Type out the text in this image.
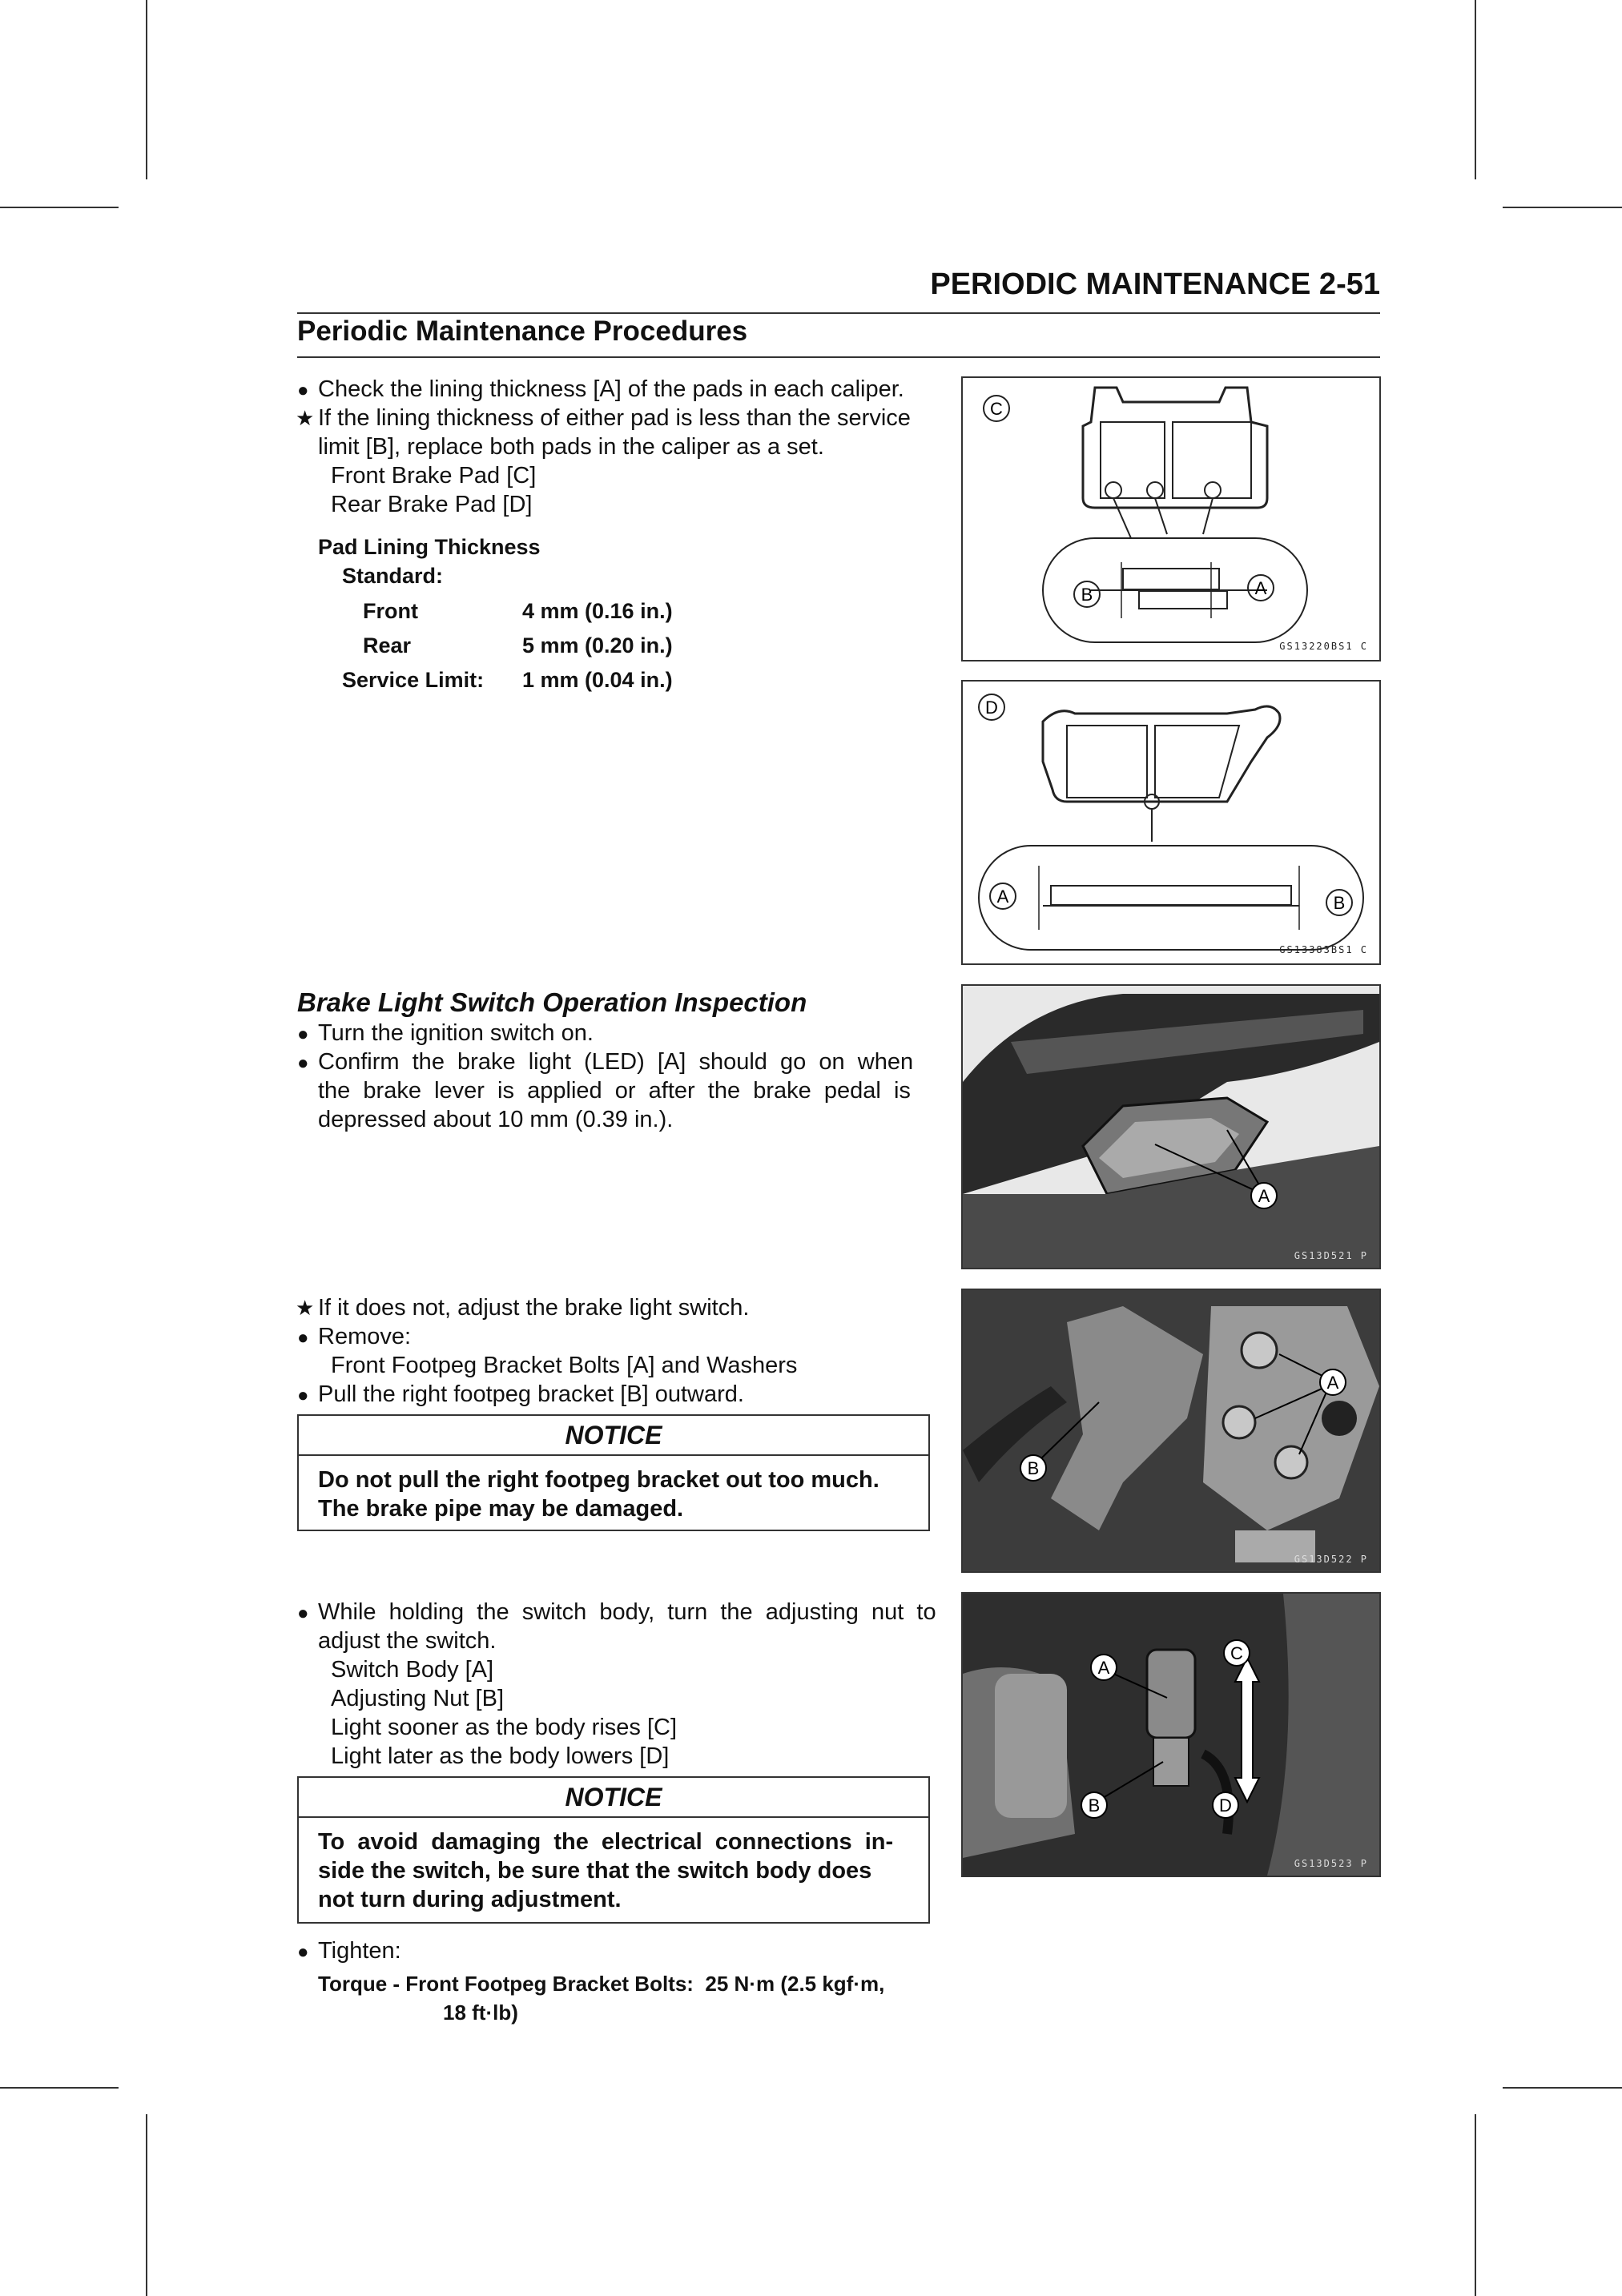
PERIODIC MAINTENANCE 2-51
Periodic Maintenance Procedures
● Check the lining thickness [A] of the pads in each caliper.
★ If the lining thickness of either pad is less than the service
limit [B], replace both pads in the caliper as a set.
Front Brake Pad [C]
Rear Brake Pad [D]
Pad Lining Thickness
Standard:
Front	4 mm (0.16 in.)
Rear	5 mm (0.20 in.)
Service Limit: 1 mm (0.04 in.)
C
B	A
GS13220BS1 C
D
A	B
GS13383BS1 C
Brake Light Switch Operation Inspection
● Turn the ignition switch on.
● Confirm  the  brake  light  (LED)  [A]  should  go  on  when
the  brake  lever  is  applied  or  after  the  brake  pedal  is
depressed about 10 mm (0.39 in.).
A
GS13D521 P
★ If it does not, adjust the brake light switch.
● Remove:
Front Footpeg Bracket Bolts [A] and Washers
● Pull the right footpeg bracket [B] outward.
NOTICE
Do not pull the right footpeg bracket out too much.
The brake pipe may be damaged.
A
B
GS13D522 P
● While  holding  the  switch  body,  turn  the  adjusting  nut  to
adjust the switch.
Switch Body [A]
Adjusting Nut [B]
Light sooner as the body rises [C]
Light later as the body lowers [D]
NOTICE
To  avoid  damaging  the  electrical  connections  in-
side the switch, be sure that the switch body does
not turn during adjustment.
A
B
C
D
GS13D523 P
● Tighten:
Torque - Front Footpeg Bracket Bolts:  25 N·m (2.5 kgf·m,
18 ft·lb)
